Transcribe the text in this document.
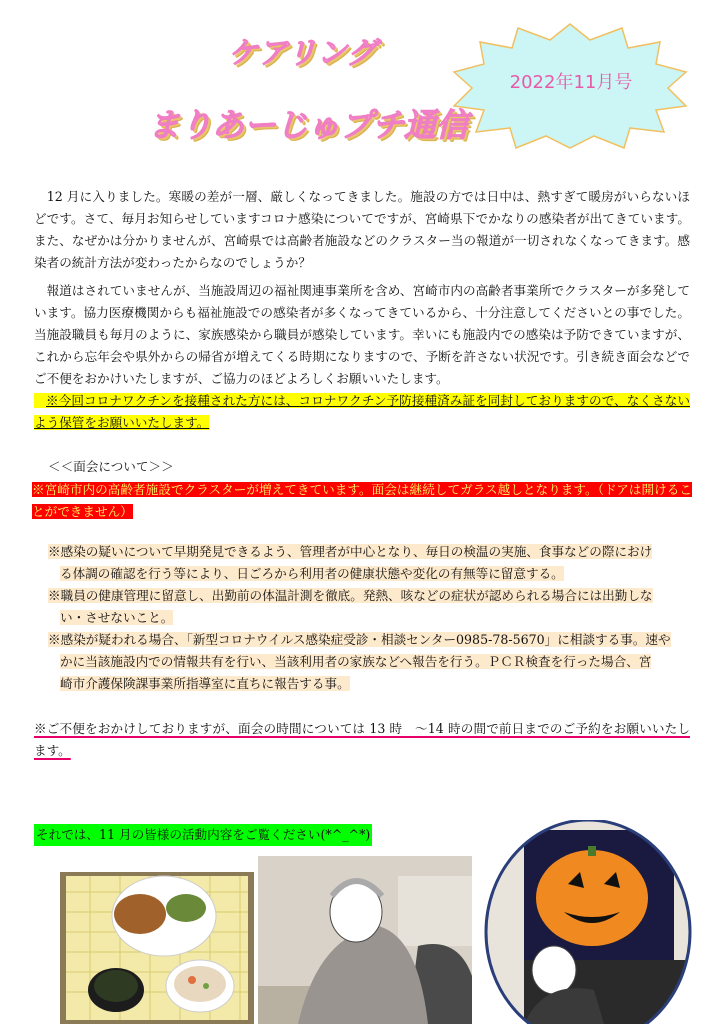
ケアリング
まりあーじゅプチ通信
2022年11月号
　12 月に入りました。寒暖の差が一層、厳しくなってきました。施設の方では日中は、熱すぎて暖房がいらないほどです。さて、毎月お知らせしていますコロナ感染についてですが、宮崎県下でかなりの感染者が出てきています。また、なぜかは分かりませんが、宮崎県では高齢者施設などのクラスター当の報道が一切されなくなってきます。感染者の統計方法が変わったからなのでしょうか？
　報道はされていませんが、当施設周辺の福祉関連事業所を含め、宮崎市内の高齢者事業所でクラスターが多発しています。協力医療機関からも福祉施設での感染者が多くなってきているから、十分注意してくださいとの事でした。当施設職員も毎月のように、家族感染から職員が感染しています。幸いにも施設内での感染は予防できていますが、これから忘年会や県外からの帰省が増えてくる時期になりますので、予断を許さない状況です。引き続き面会などでご不便をおかけいたしますが、ご協力のほどよろしくお願いいたします。
※今回コロナワクチンを接種された方には、コロナワクチン予防接種済み証を同封しておりますので、なくさないよう保管をお願いいたします。
＜＜面会について＞＞
※宮崎市内の高齢者施設でクラスターが増えてきています。面会は継続してガラス越しとなります。（ドアは開けることができません）
※感染の疑いについて早期発見できるよう、管理者が中心となり、毎日の検温の実施、食事などの際におけ
る体調の確認を行う等により、日ごろから利用者の健康状態や変化の有無等に留意する。
※職員の健康管理に留意し、出勤前の体温計測を徹底。発熱、咳などの症状が認められる場合には出勤しな
い・させないこと。
※感染が疑われる場合、「新型コロナウイルス感染症受診・相談センター0985-78-5670」に相談する事。速や
かに当該施設内での情報共有を行い、当該利用者の家族などへ報告を行う。ＰＣＲ検査を行った場合、宮
崎市介護保険課事業所指導室に直ちに報告する事。
※ご不便をおかけしておりますが、面会の時間については 13 時　～14 時の間で前日までのご予約をお願いいたします。
それでは、11 月の皆様の活動内容をご覧ください(*^_^*)
